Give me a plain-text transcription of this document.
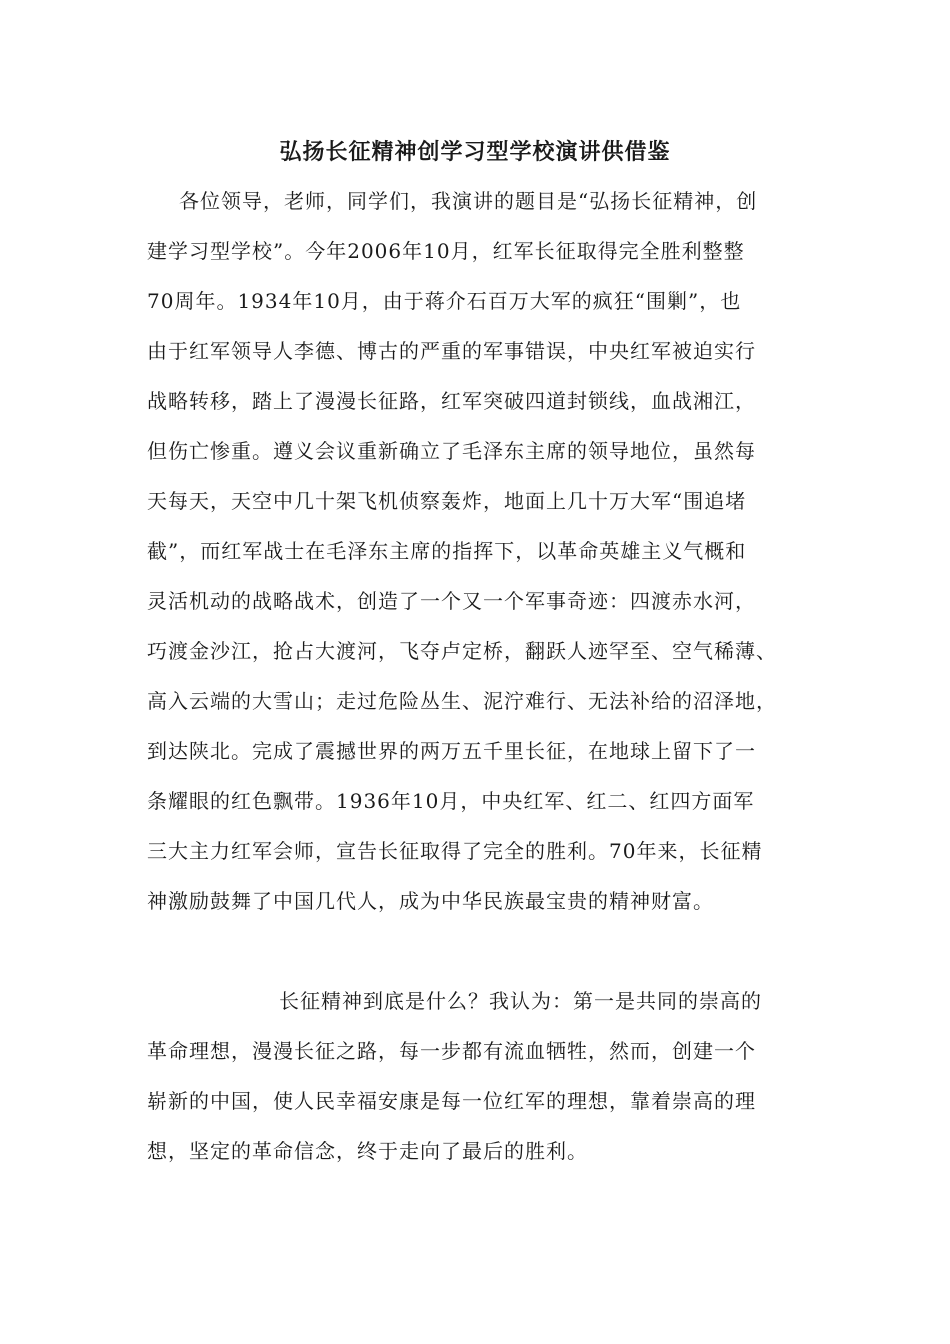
弘扬长征精神创学习型学校演讲供借鉴
各位领导，老师，同学们，我演讲的题目是“弘扬长征精神，创
建学习型学校”。今年2006年10月，红军长征取得完全胜利整整
70周年。1934年10月，由于蒋介石百万大军的疯狂“围剿”，也
由于红军领导人李德、博古的严重的军事错误，中央红军被迫实行
战略转移，踏上了漫漫长征路，红军突破四道封锁线，血战湘江，
但伤亡惨重。遵义会议重新确立了毛泽东主席的领导地位，虽然每
天每天，天空中几十架飞机侦察轰炸，地面上几十万大军“围追堵
截”，而红军战士在毛泽东主席的指挥下，以革命英雄主义气概和
灵活机动的战略战术，创造了一个又一个军事奇迹：四渡赤水河，
巧渡金沙江，抢占大渡河，飞夺卢定桥，翻跃人迹罕至、空气稀薄、
高入云端的大雪山；走过危险丛生、泥泞难行、无法补给的沼泽地，
到达陕北。完成了震撼世界的两万五千里长征，在地球上留下了一
条耀眼的红色飘带。1936年10月，中央红军、红二、红四方面军
三大主力红军会师，宣告长征取得了完全的胜利。70年来，长征精
神激励鼓舞了中国几代人，成为中华民族最宝贵的精神财富。
长征精神到底是什么？我认为：第一是共同的崇高的
革命理想，漫漫长征之路，每一步都有流血牺牲，然而，创建一个
崭新的中国，使人民幸福安康是每一位红军的理想，靠着崇高的理
想，坚定的革命信念，终于走向了最后的胜利。
